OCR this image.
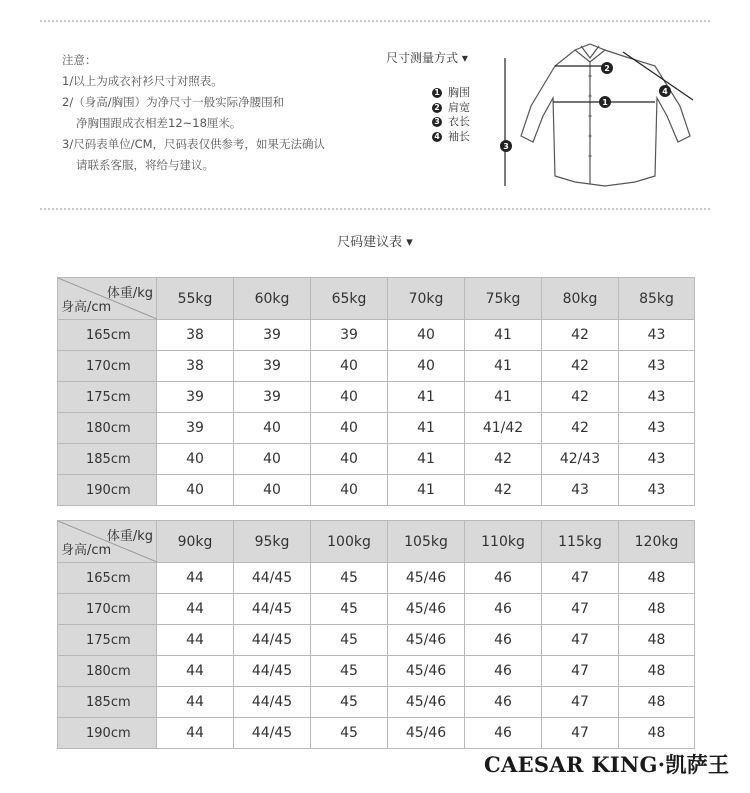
注意：
1/以上为成衣衬衫尺寸对照表。
2/（身高/胸围）为净尺寸一般实际净腰围和
净胸围跟成衣相差12~18厘米。
3/尺码表单位/CM，尺码表仅供参考，如果无法确认
请联系客服，将给与建议。
尺寸测量方式 ▾
1 胸围
2 肩宽
3 衣长
4 袖长
1
2
3
4
尺码建议表 ▾
体重/kg
身高/cm	55kg	60kg	65kg	70kg	75kg	80kg	85kg
165cm	38	39	39	40	41	42	43
170cm	38	39	40	40	41	42	43
175cm	39	39	40	41	41	42	43
180cm	39	40	40	41	41/42	42	43
185cm	40	40	40	41	42	42/43	43
190cm	40	40	40	41	42	43	43
体重/kg
身高/cm	90kg	95kg	100kg	105kg	110kg	115kg	120kg
165cm	44	44/45	45	45/46	46	47	48
170cm	44	44/45	45	45/46	46	47	48
175cm	44	44/45	45	45/46	46	47	48
180cm	44	44/45	45	45/46	46	47	48
185cm	44	44/45	45	45/46	46	47	48
190cm	44	44/45	45	45/46	46	47	48
CAESAR KING·凯萨王
